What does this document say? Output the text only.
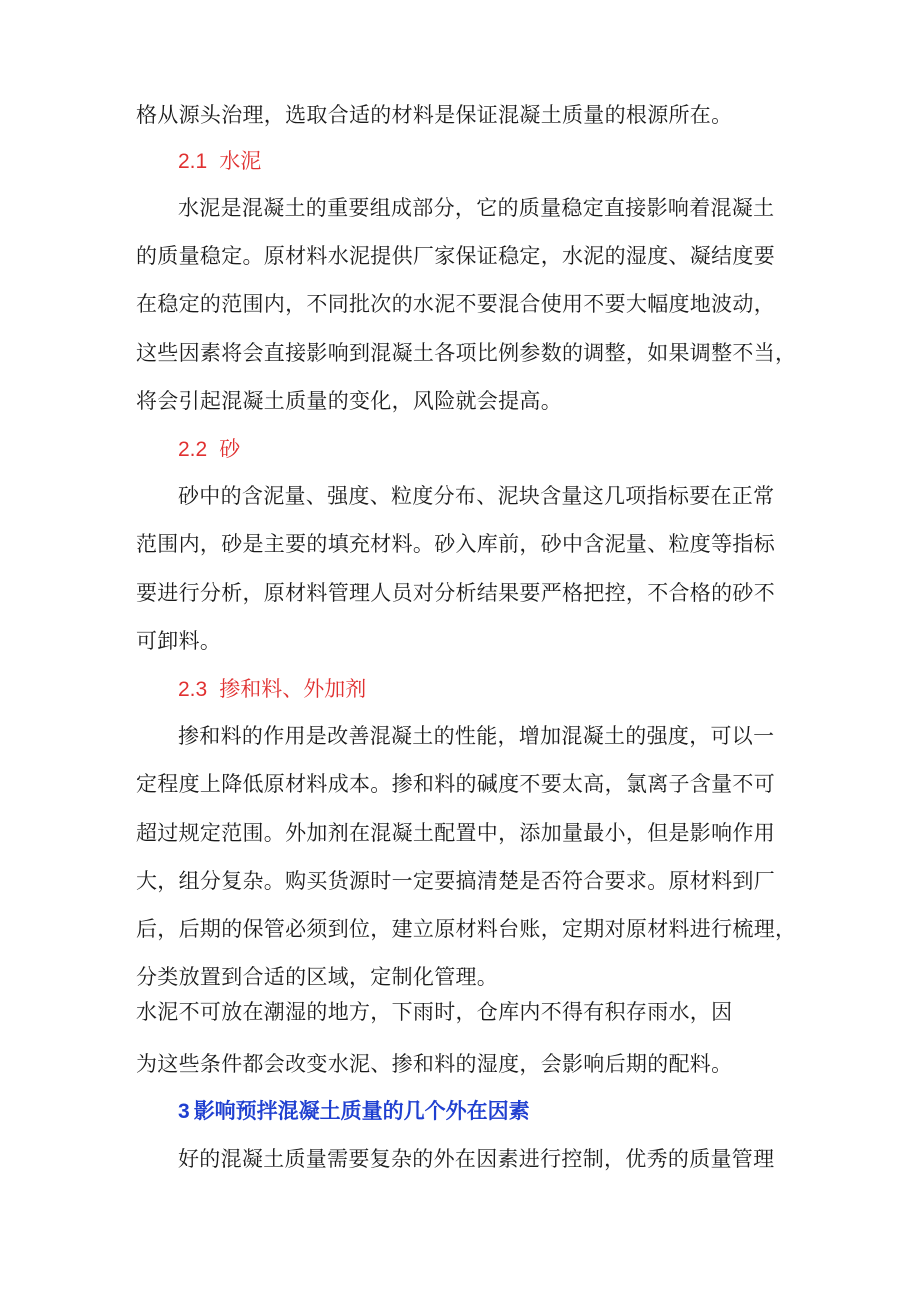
格从源头治理，选取合适的材料是保证混凝土质量的根源所在。
2.1 水泥
水泥是混凝土的重要组成部分，它的质量稳定直接影响着混凝土
的质量稳定。原材料水泥提供厂家保证稳定，水泥的湿度、凝结度要
在稳定的范围内，不同批次的水泥不要混合使用不要大幅度地波动，
这些因素将会直接影响到混凝土各项比例参数的调整，如果调整不当，
将会引起混凝土质量的变化，风险就会提高。
2.2 砂
砂中的含泥量、强度、粒度分布、泥块含量这几项指标要在正常
范围内，砂是主要的填充材料。砂入库前，砂中含泥量、粒度等指标
要进行分析，原材料管理人员对分析结果要严格把控，不合格的砂不
可卸料。
2.3 掺和料、外加剂
掺和料的作用是改善混凝土的性能，增加混凝土的强度，可以一
定程度上降低原材料成本。掺和料的碱度不要太高，氯离子含量不可
超过规定范围。外加剂在混凝土配置中，添加量最小，但是影响作用
大，组分复杂。购买货源时一定要搞清楚是否符合要求。原材料到厂
后，后期的保管必须到位，建立原材料台账，定期对原材料进行梳理，
分类放置到合适的区域，定制化管理。
水泥不可放在潮湿的地方，下雨时，仓库内不得有积存雨水，因
为这些条件都会改变水泥、掺和料的湿度，会影响后期的配料。
3 影响预拌混凝土质量的几个外在因素
好的混凝土质量需要复杂的外在因素进行控制，优秀的质量管理
